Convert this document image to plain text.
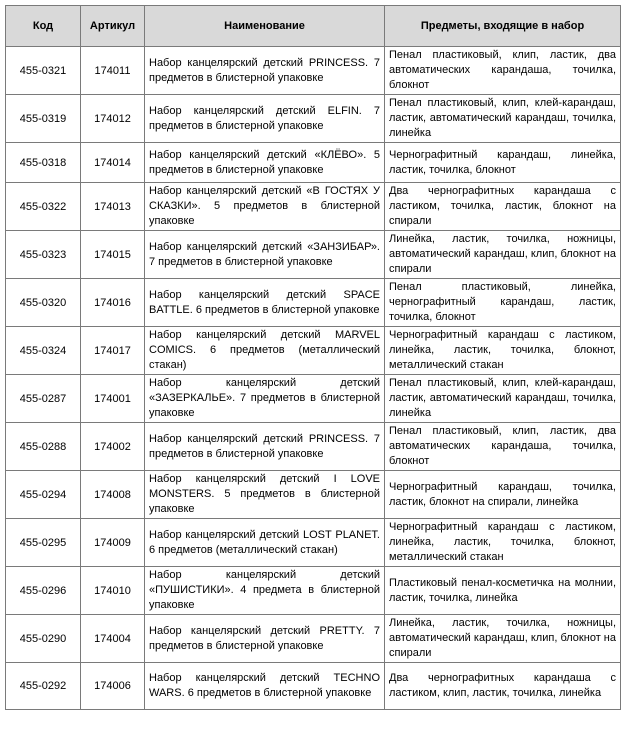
Код	Артикул	Наименование	Предметы, входящие в набор
455-0321	174011	Набор канцелярский детский PRINCESS. 7 предметов в блистерной упаковке	Пенал пластиковый, клип, ластик, два автоматических карандаша, точилка, блокнот
455-0319	174012	Набор канцелярский детский ELFIN. 7 предметов в блистерной упаковке	Пенал пластиковый, клип, клей-карандаш, ластик, автоматический карандаш, точилка, линейка
455-0318	174014	Набор канцелярский детский «КЛЁВО». 5 предметов в блистерной упаковке	Чернографитный карандаш, линейка, ластик, точилка, блокнот
455-0322	174013	Набор канцелярский детский «В ГОСТЯХ У СКАЗКИ». 5 предметов в блистерной упаковке	Два чернографитных карандаша с ластиком, точилка, ластик, блокнот на спирали
455-0323	174015	Набор канцелярский детский «ЗАНЗИБАР». 7 предметов в блистерной упаковке	Линейка, ластик, точилка, ножницы, автоматический карандаш, клип, блокнот на спирали
455-0320	174016	Набор канцелярский детский SPACE BATTLE. 6 предметов в блистерной упаковке	Пенал пластиковый, линейка, чернографитный карандаш, ластик, точилка, блокнот
455-0324	174017	Набор канцелярский детский MARVEL COMICS. 6 предметов (металлический стакан)	Чернографитный карандаш с ластиком, линейка, ластик, точилка, блокнот, металлический стакан
455-0287	174001	Набор канцелярский детский «ЗАЗЕРКАЛЬЕ». 7 предметов в блистерной упаковке	Пенал пластиковый, клип, клей-карандаш, ластик, автоматический карандаш, точилка, линейка
455-0288	174002	Набор канцелярский детский PRINCESS. 7 предметов в блистерной упаковке	Пенал пластиковый, клип, ластик, два автоматических карандаша, точилка, блокнот
455-0294	174008	Набор канцелярский детский I LOVE MONSTERS. 5 предметов в блистерной упаковке	Чернографитный карандаш, точилка, ластик, блокнот на спирали, линейка
455-0295	174009	Набор канцелярский детский LOST PLANET. 6 предметов (металлический стакан)	Чернографитный карандаш с ластиком, линейка, ластик, точилка, блокнот, металлический стакан
455-0296	174010	Набор канцелярский детский «ПУШИСТИКИ». 4 предмета в блистерной упаковке	Пластиковый пенал-косметичка на молнии, ластик, точилка, линейка
455-0290	174004	Набор канцелярский детский PRETTY. 7 предметов в блистерной упаковке	Линейка, ластик, точилка, ножницы, автоматический карандаш, клип, блокнот на спирали
455-0292	174006	Набор канцелярский детский TECHNO WARS. 6 предметов в блистерной упаковке	Два чернографитных карандаша с ластиком, клип, ластик, точилка, линейка
